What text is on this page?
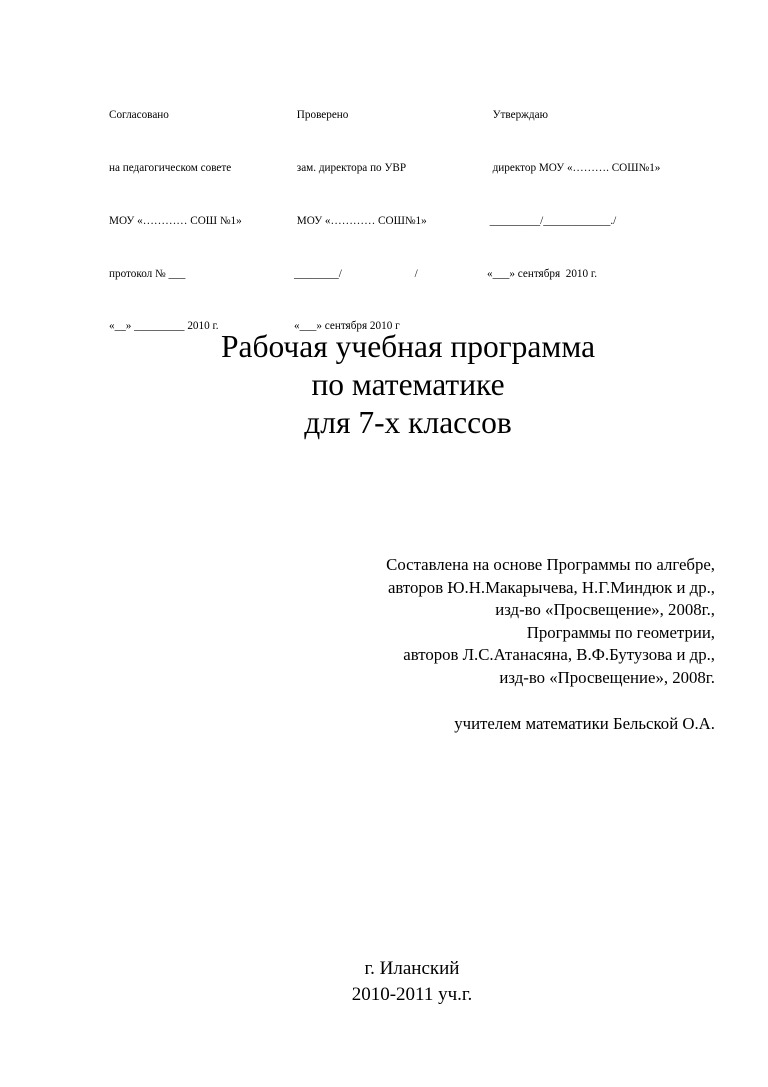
Согласовано

на педагогическом совете

МОУ «………… СОШ №1»

протокол № ___

«__» _________ 2010 г.

Проверено

зам. директора по УВР

МОУ «………… СОШ№1»

________/                          /

«___» сентября 2010 г

Утверждаю

директор МОУ «………. СОШ№1»

_________/____________./

«___» сентября  2010 г.

Рабочая учебная программа
по математике
для 7-х классов
Составлена на основе Программы по алгебре,
авторов Ю.Н.Макарычева, Н.Г.Миндюк и др.,
изд-во «Просвещение», 2008г.,
Программы по геометрии,
авторов Л.С.Атанасяна, В.Ф.Бутузова и др.,
изд-во «Просвещение», 2008г.
учителем математики Бельской О.А.
г. Иланский
2010-2011 уч.г.
